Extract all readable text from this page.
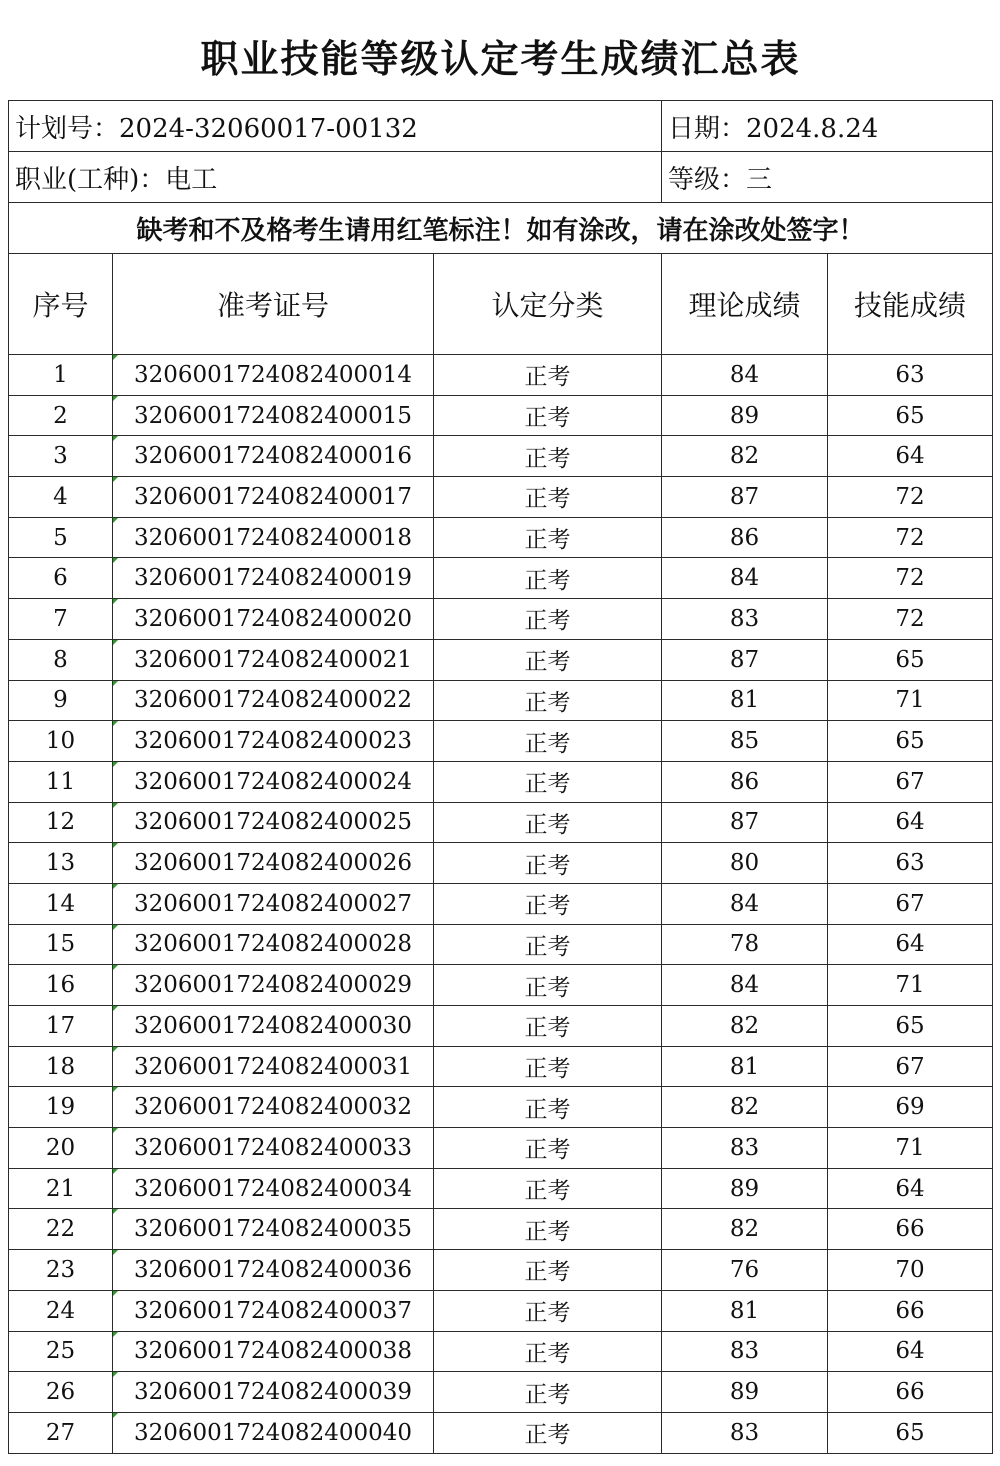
职业技能等级认定考生成绩汇总表				
计划号：2024-32060017-00132			日期：2024.8.24	
职业(工种)：电工			等级：三	
缺考和不及格考生请用红笔标注！如有涂改，请在涂改处签字！				
序号	准考证号	认定分类	理论成绩	技能成绩
1	3206001724082400014	正考	84	63
2	3206001724082400015	正考	89	65
3	3206001724082400016	正考	82	64
4	3206001724082400017	正考	87	72
5	3206001724082400018	正考	86	72
6	3206001724082400019	正考	84	72
7	3206001724082400020	正考	83	72
8	3206001724082400021	正考	87	65
9	3206001724082400022	正考	81	71
10	3206001724082400023	正考	85	65
11	3206001724082400024	正考	86	67
12	3206001724082400025	正考	87	64
13	3206001724082400026	正考	80	63
14	3206001724082400027	正考	84	67
15	3206001724082400028	正考	78	64
16	3206001724082400029	正考	84	71
17	3206001724082400030	正考	82	65
18	3206001724082400031	正考	81	67
19	3206001724082400032	正考	82	69
20	3206001724082400033	正考	83	71
21	3206001724082400034	正考	89	64
22	3206001724082400035	正考	82	66
23	3206001724082400036	正考	76	70
24	3206001724082400037	正考	81	66
25	3206001724082400038	正考	83	64
26	3206001724082400039	正考	89	66
27	3206001724082400040	正考	83	65
